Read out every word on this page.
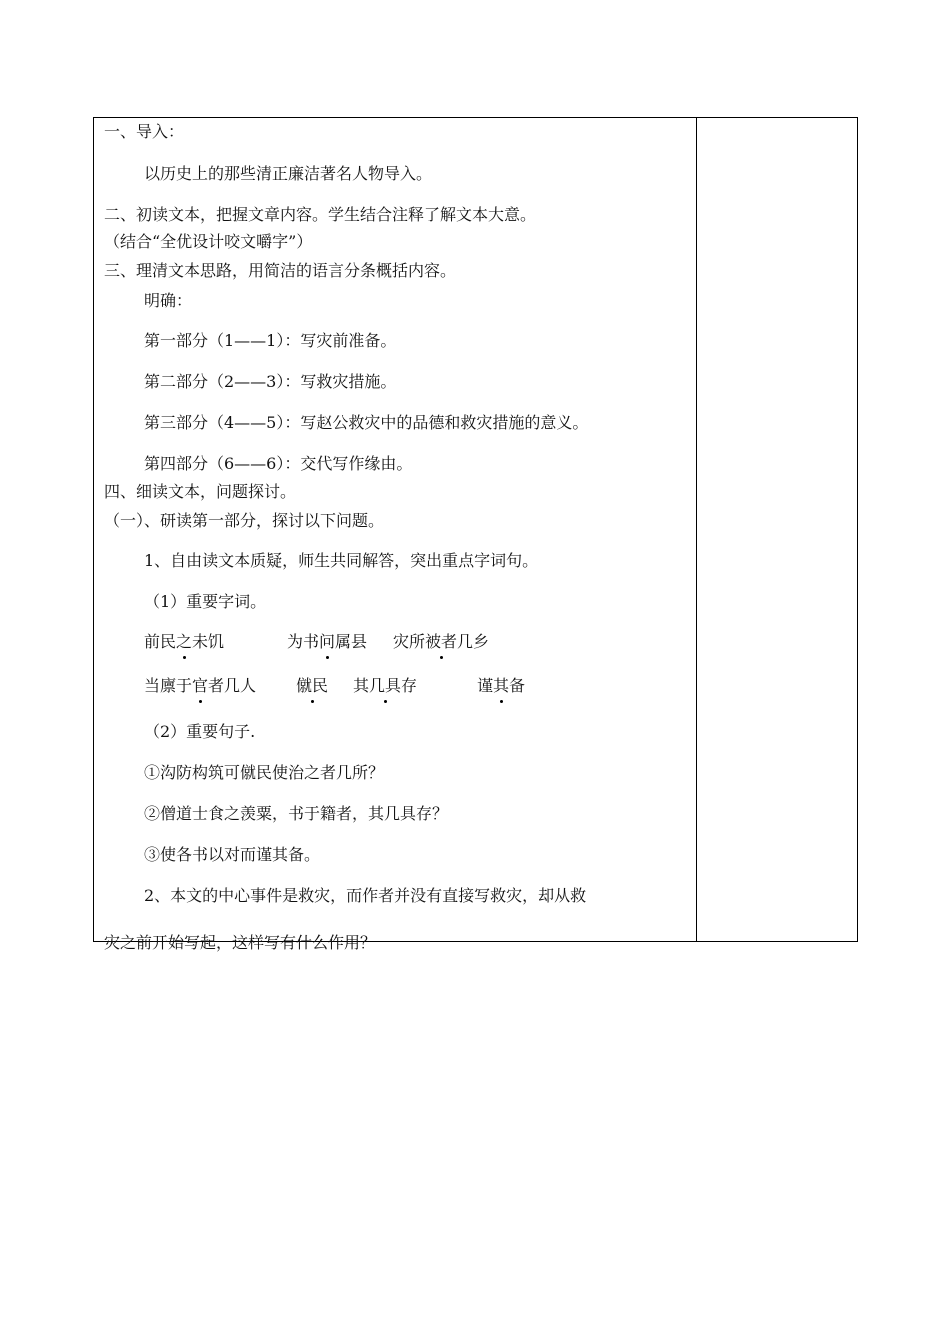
一、导入：
以历史上的那些清正廉洁著名人物导入。
二、初读文本，把握文章内容。学生结合注释了解文本大意。
（结合“全优设计咬文嚼字”）
三、理清文本思路，用简洁的语言分条概括内容。
明确：
第一部分（1——1）：写灾前准备。
第二部分（2——3）：写救灾措施。
第三部分（4——5）：写赵公救灾中的品德和救灾措施的意义。
第四部分（6——6）：交代写作缘由。
四、细读文本，问题探讨。
（一）、研读第一部分，探讨以下问题。
1、自由读文本质疑，师生共同解答，突出重点字词句。
（1）重要字词。
前民之未饥	为书问属县 灾所被者几乡
当廪于官者几人 僦民 其几具存	谨其备
（2）重要句子.
①沟防构筑可僦民使治之者几所？
②僧道士食之羡粟，书于籍者，其几具存？
③使各书以对而谨其备。
2、本文的中心事件是救灾，而作者并没有直接写救灾，却从救
灾之前开始写起，这样写有什么作用？
